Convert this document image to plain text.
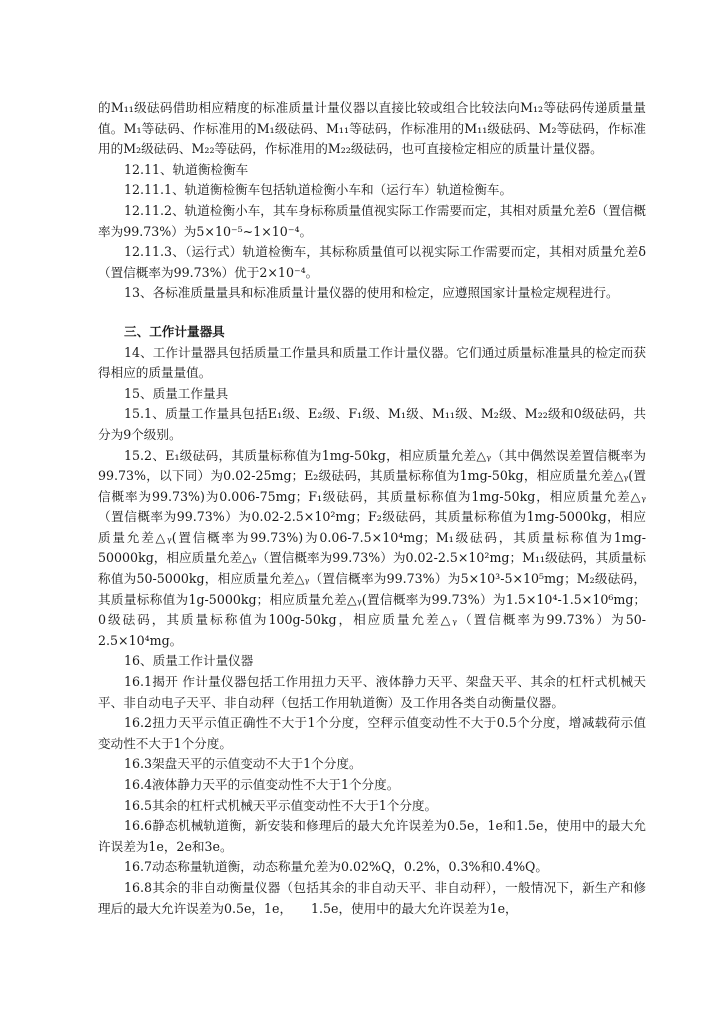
的M₁₁级砝码借助相应精度的标准质量计量仪器以直接比较或组合比较法向M₁₂等砝码传递质量量值。M₁等砝码、作标准用的M₁级砝码、M₁₁等砝码，作标准用的M₁₁级砝码、M₂等砝码，作标准用的M₂级砝码、M₂₂等砝码，作标准用的M₂₂级砝码，也可直接检定相应的质量计量仪器。

12.11、轨道衡检衡车

12.11.1、轨道衡检衡车包括轨道检衡小车和（运行车）轨道检衡车。

12.11.2、轨道检衡小车，其车身标称质量值视实际工作需要而定，其相对质量允差δ（置信概率为99.73%）为5×10⁻⁵~1×10⁻⁴。

12.11.3、（运行式）轨道检衡车，其标称质量值可以视实际工作需要而定，其相对质量允差δ（置信概率为99.73%）优于2×10⁻⁴。

13、各标准质量量具和标准质量计量仪器的使用和检定，应遵照国家计量检定规程进行。

三、工作计量器具

14、工作计量器具包括质量工作量具和质量工作计量仪器。它们通过质量标准量具的检定而获得相应的质量量值。

15、质量工作量具

15.1、质量工作量具包括E₁级、E₂级、F₁级、M₁级、M₁₁级、M₂级、M₂₂级和0级砝码，共分为9个级别。

15.2、E₁级砝码，其质量标称值为1mg-50kg，相应质量允差△ᵧ（其中偶然误差置信概率为99.73%，以下同）为0.02-25mg；E₂级砝码，其质量标称值为1mg-50kg，相应质量允差△ᵧ(置信概率为99.73%)为0.006-75mg；F₁级砝码，其质量标称值为1mg-50kg，相应质量允差△ᵧ（置信概率为99.73%）为0.02-2.5×10²mg；F₂级砝码，其质量标称值为1mg-5000kg，相应质量允差△ᵧ(置信概率为99.73%)为0.06-7.5×10⁴mg；M₁级砝码，其质量标称值为1mg-50000kg，相应质量允差△ᵧ（置信概率为99.73%）为0.02-2.5×10²mg；M₁₁级砝码，其质量标称值为50-5000kg，相应质量允差△ᵧ（置信概率为99.73%）为5×10³-5×10⁵mg；M₂级砝码，其质量标称值为1g-5000kg；相应质量允差△ᵧ(置信概率为99.73%）为1.5×10⁴-1.5×10⁶mg；0级砝码，其质量标称值为100g-50kg，相应质量允差△ᵧ（置信概率为99.73%）为50-2.5×10⁴mg。

16、质量工作计量仪器

16.1揭开 作计量仪器包括工作用扭力天平、液体静力天平、架盘天平、其余的杠杆式机械天平、非自动电子天平、非自动秤（包括工作用轨道衡）及工作用各类自动衡量仪器。

16.2扭力天平示值正确性不大于1个分度，空秤示值变动性不大于0.5个分度，增减载荷示值变动性不大于1个分度。

16.3架盘天平的示值变动不大于1个分度。

16.4液体静力天平的示值变动性不大于1个分度。

16.5其余的杠杆式机械天平示值变动性不大于1个分度。

16.6静态机械轨道衡，新安装和修理后的最大允许误差为0.5e，1e和1.5e，使用中的最大允许误差为1e，2e和3e。

16.7动态称量轨道衡，动态称量允差为0.02%Q，0.2%，0.3%和0.4%Q。

16.8其余的非自动衡量仪器（包括其余的非自动天平、非自动秤），一般情况下，新生产和修理后的最大允许误差为0.5e，1e，　　1.5e，使用中的最大允许误差为1e，
